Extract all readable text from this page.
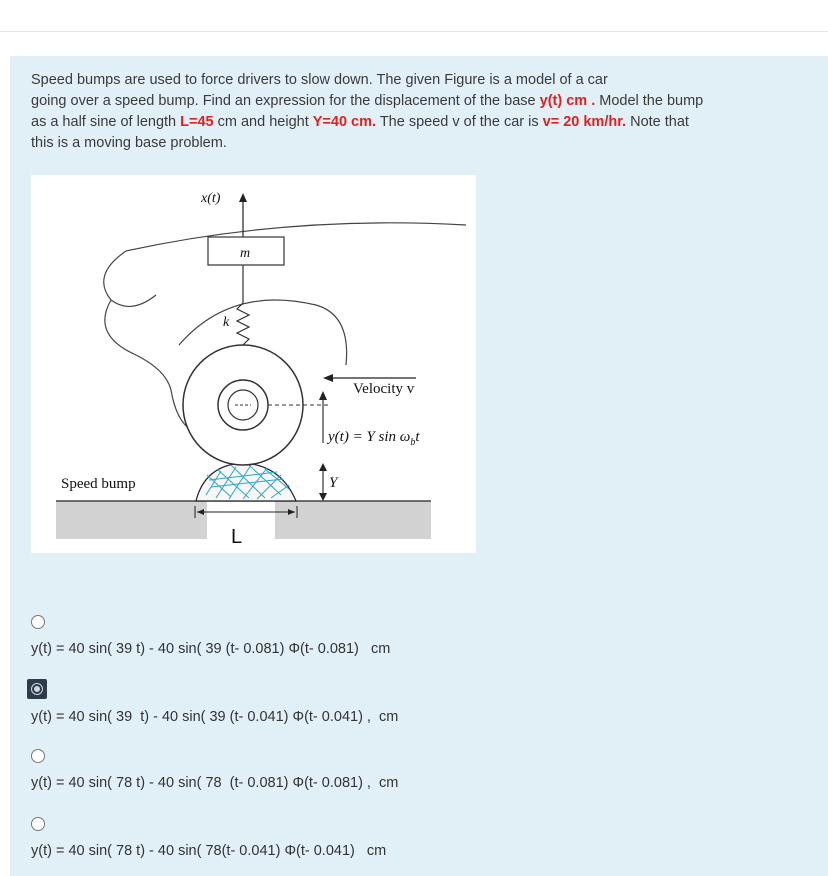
Speed bumps are used to force drivers to slow down. The given Figure is a model of a car
going over a speed bump. Find an expression for the displacement of the base y(t) cm . Model the bump
as a half sine of length L=45 cm and height Y=40 cm. The speed v of the car is v= 20 km/hr. Note that
this is a moving base problem.
L
x(t)
m
k
Velocity v
y(t) = Y $\sin \omega_bt$
Y
Speed bump
y(t) = 40 sin( 39 t) - 40 sin( 39 (t- 0.081) Φ(t- 0.081)   cm
y(t) = 40 sin( 39  t) - 40 sin( 39 (t- 0.041) Φ(t- 0.041) ,  cm
y(t) = 40 sin( 78 t) - 40 sin( 78  (t- 0.081) Φ(t- 0.081) ,  cm
y(t) = 40 sin( 78 t) - 40 sin( 78(t- 0.041) Φ(t- 0.041)   cm
